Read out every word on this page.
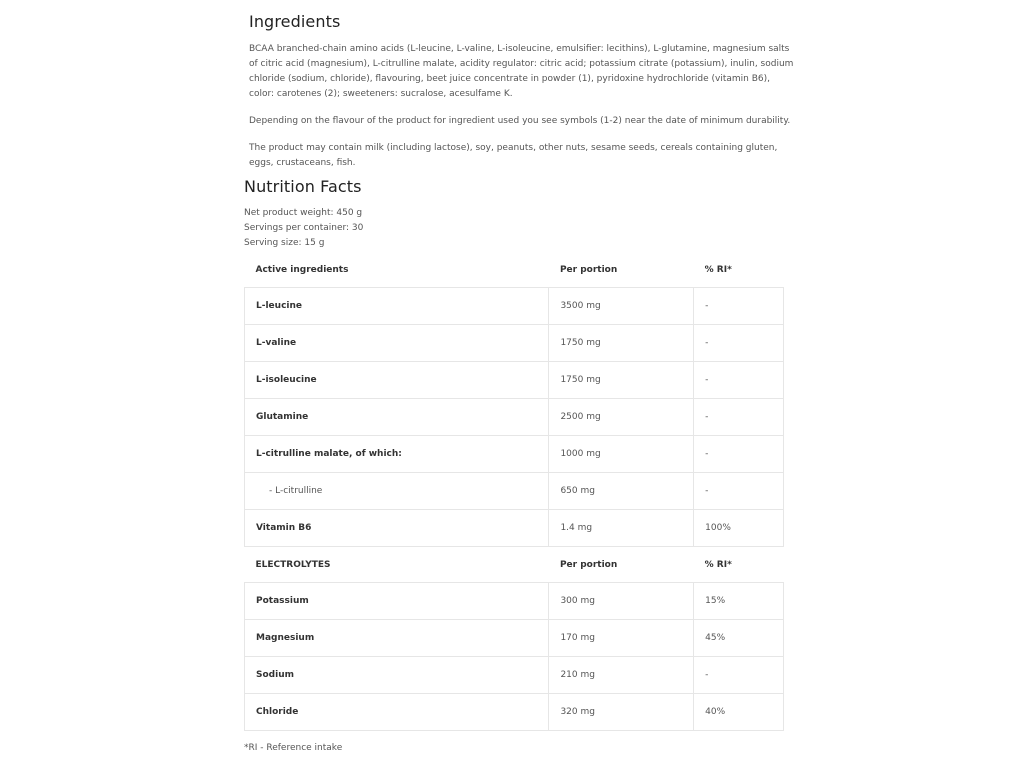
Ingredients

BCAA branched-chain amino acids (L-leucine, L-valine, L-isoleucine, emulsifier: lecithins), L-glutamine, magnesium salts of citric acid (magnesium), L-citrulline malate, acidity regulator: citric acid; potassium citrate (potassium), inulin, sodium chloride (sodium, chloride), flavouring, beet juice concentrate in powder (1), pyridoxine hydrochloride (vitamin B6), color: carotenes (2); sweeteners: sucralose, acesulfame K.

Depending on the flavour of the product for ingredient used you see symbols (1-2) near the date of minimum durability.

The product may contain milk (including lactose), soy, peanuts, other nuts, sesame seeds, cereals containing gluten, eggs, crustaceans, fish.

Nutrition Facts
Net product weight: 450 g
Servings per container: 30
Serving size: 15 g
Active ingredients	Per portion	% RI*
L-leucine	3500 mg	-
L-valine	1750 mg	-
L-isoleucine	1750 mg	-
Glutamine	2500 mg	-
L-citrulline malate, of which:	1000 mg	-
- L-citrulline	650 mg	-
Vitamin B6	1.4 mg	100%
ELECTROLYTES	Per portion	% RI*
Potassium	300 mg	15%
Magnesium	170 mg	45%
Sodium	210 mg	-
Chloride	320 mg	40%
*RI - Reference intake
